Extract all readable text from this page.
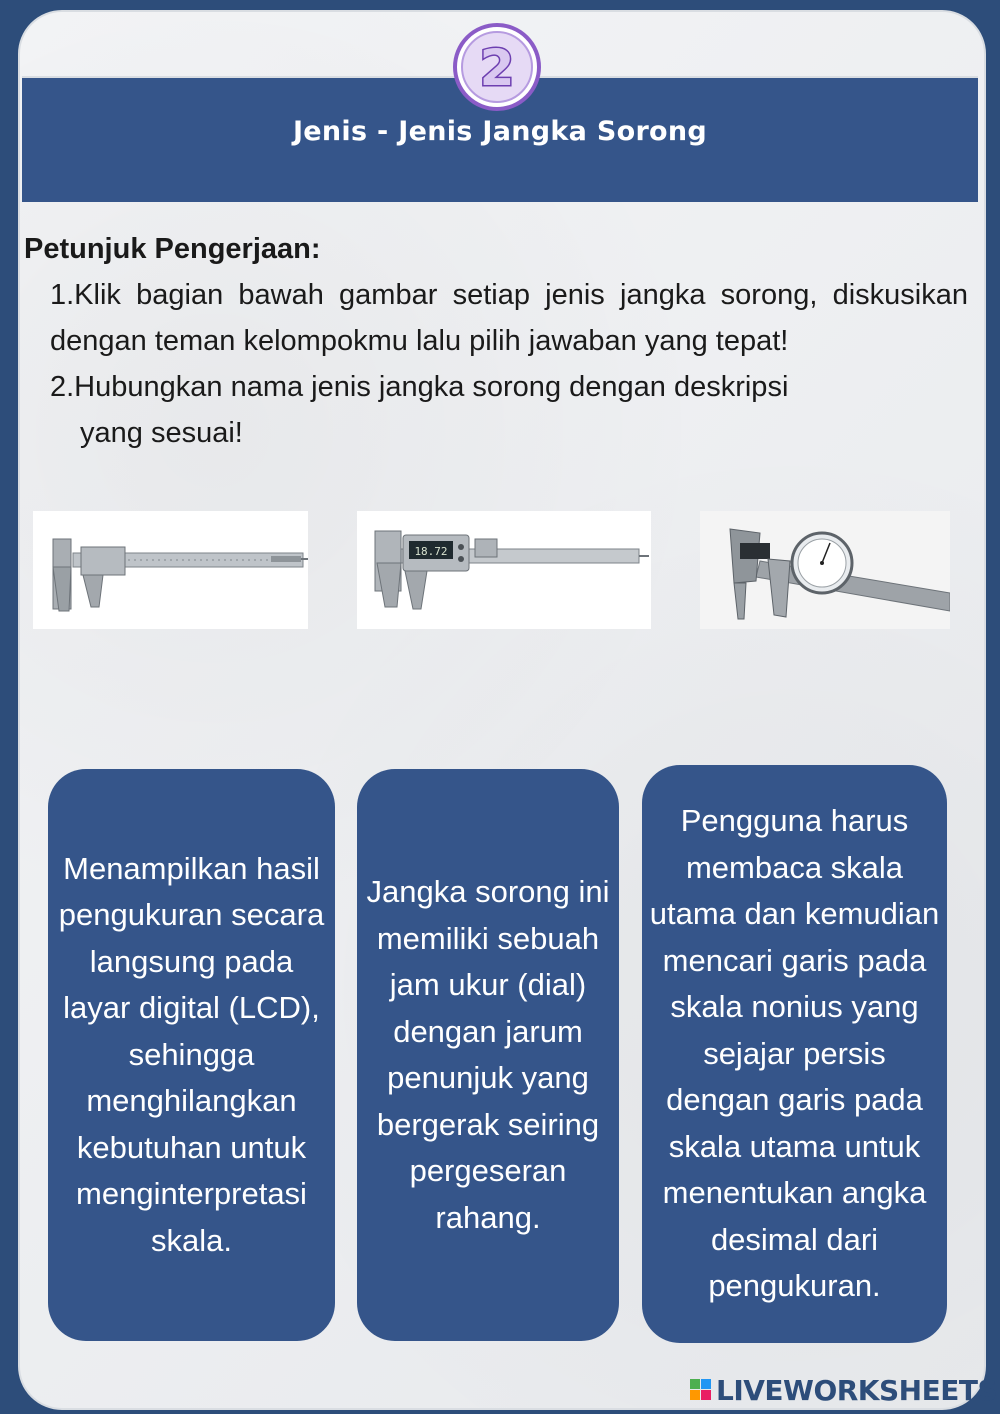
2
Jenis - Jenis Jangka Sorong
Petunjuk Pengerjaan:
1.Klik bagian bawah gambar setiap jenis jangka sorong, diskusikan dengan teman kelompokmu lalu pilih jawaban yang tepat!
2.Hubungkan nama jenis jangka sorong dengan deskripsi
yang sesuai!
18.72
Menampilkan hasil pengukuran secara langsung pada layar digital (LCD), sehingga menghilangkan kebutuhan untuk menginterpretasi skala.
Jangka sorong ini memiliki sebuah jam ukur (dial) dengan jarum penunjuk yang bergerak seiring pergeseran rahang.
Pengguna harus membaca skala utama dan kemudian mencari garis pada skala nonius yang sejajar persis dengan garis pada skala utama untuk menentukan angka desimal dari pengukuran.
LIVEWORKSHEETS
